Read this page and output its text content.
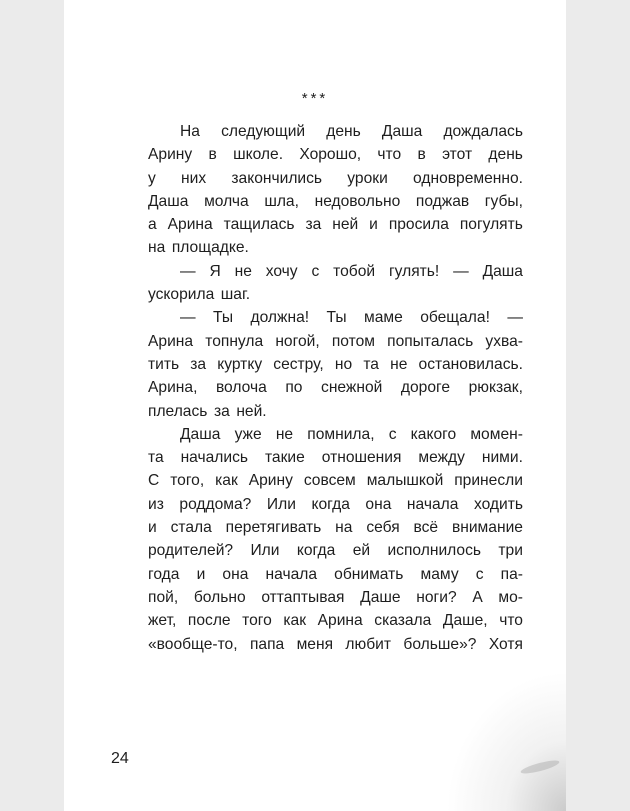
***
На следующий день Даша дождалась
Арину в школе. Хорошо, что в этот день
у них закончились уроки одновременно.
Даша молча шла, недовольно поджав губы,
а Арина тащилась за ней и просила погулять
на площадке.
— Я не хочу с тобой гулять! — Даша
ускорила шаг.
— Ты должна! Ты маме обещала! —
Арина топнула ногой, потом попыталась ухва-
тить за куртку сестру, но та не остановилась.
Арина, волоча по снежной дороге рюкзак,
плелась за ней.
Даша уже не помнила, с какого момен-
та начались такие отношения между ними.
С того, как Арину совсем малышкой принесли
из роддома? Или когда она начала ходить
и стала перетягивать на себя всё внимание
родителей? Или когда ей исполнилось три
года и она начала обнимать маму с па-
пой, больно оттаптывая Даше ноги? А мо-
жет, после того как Арина сказала Даше, что
«вообще-то, папа меня любит больше»? Хотя
24
